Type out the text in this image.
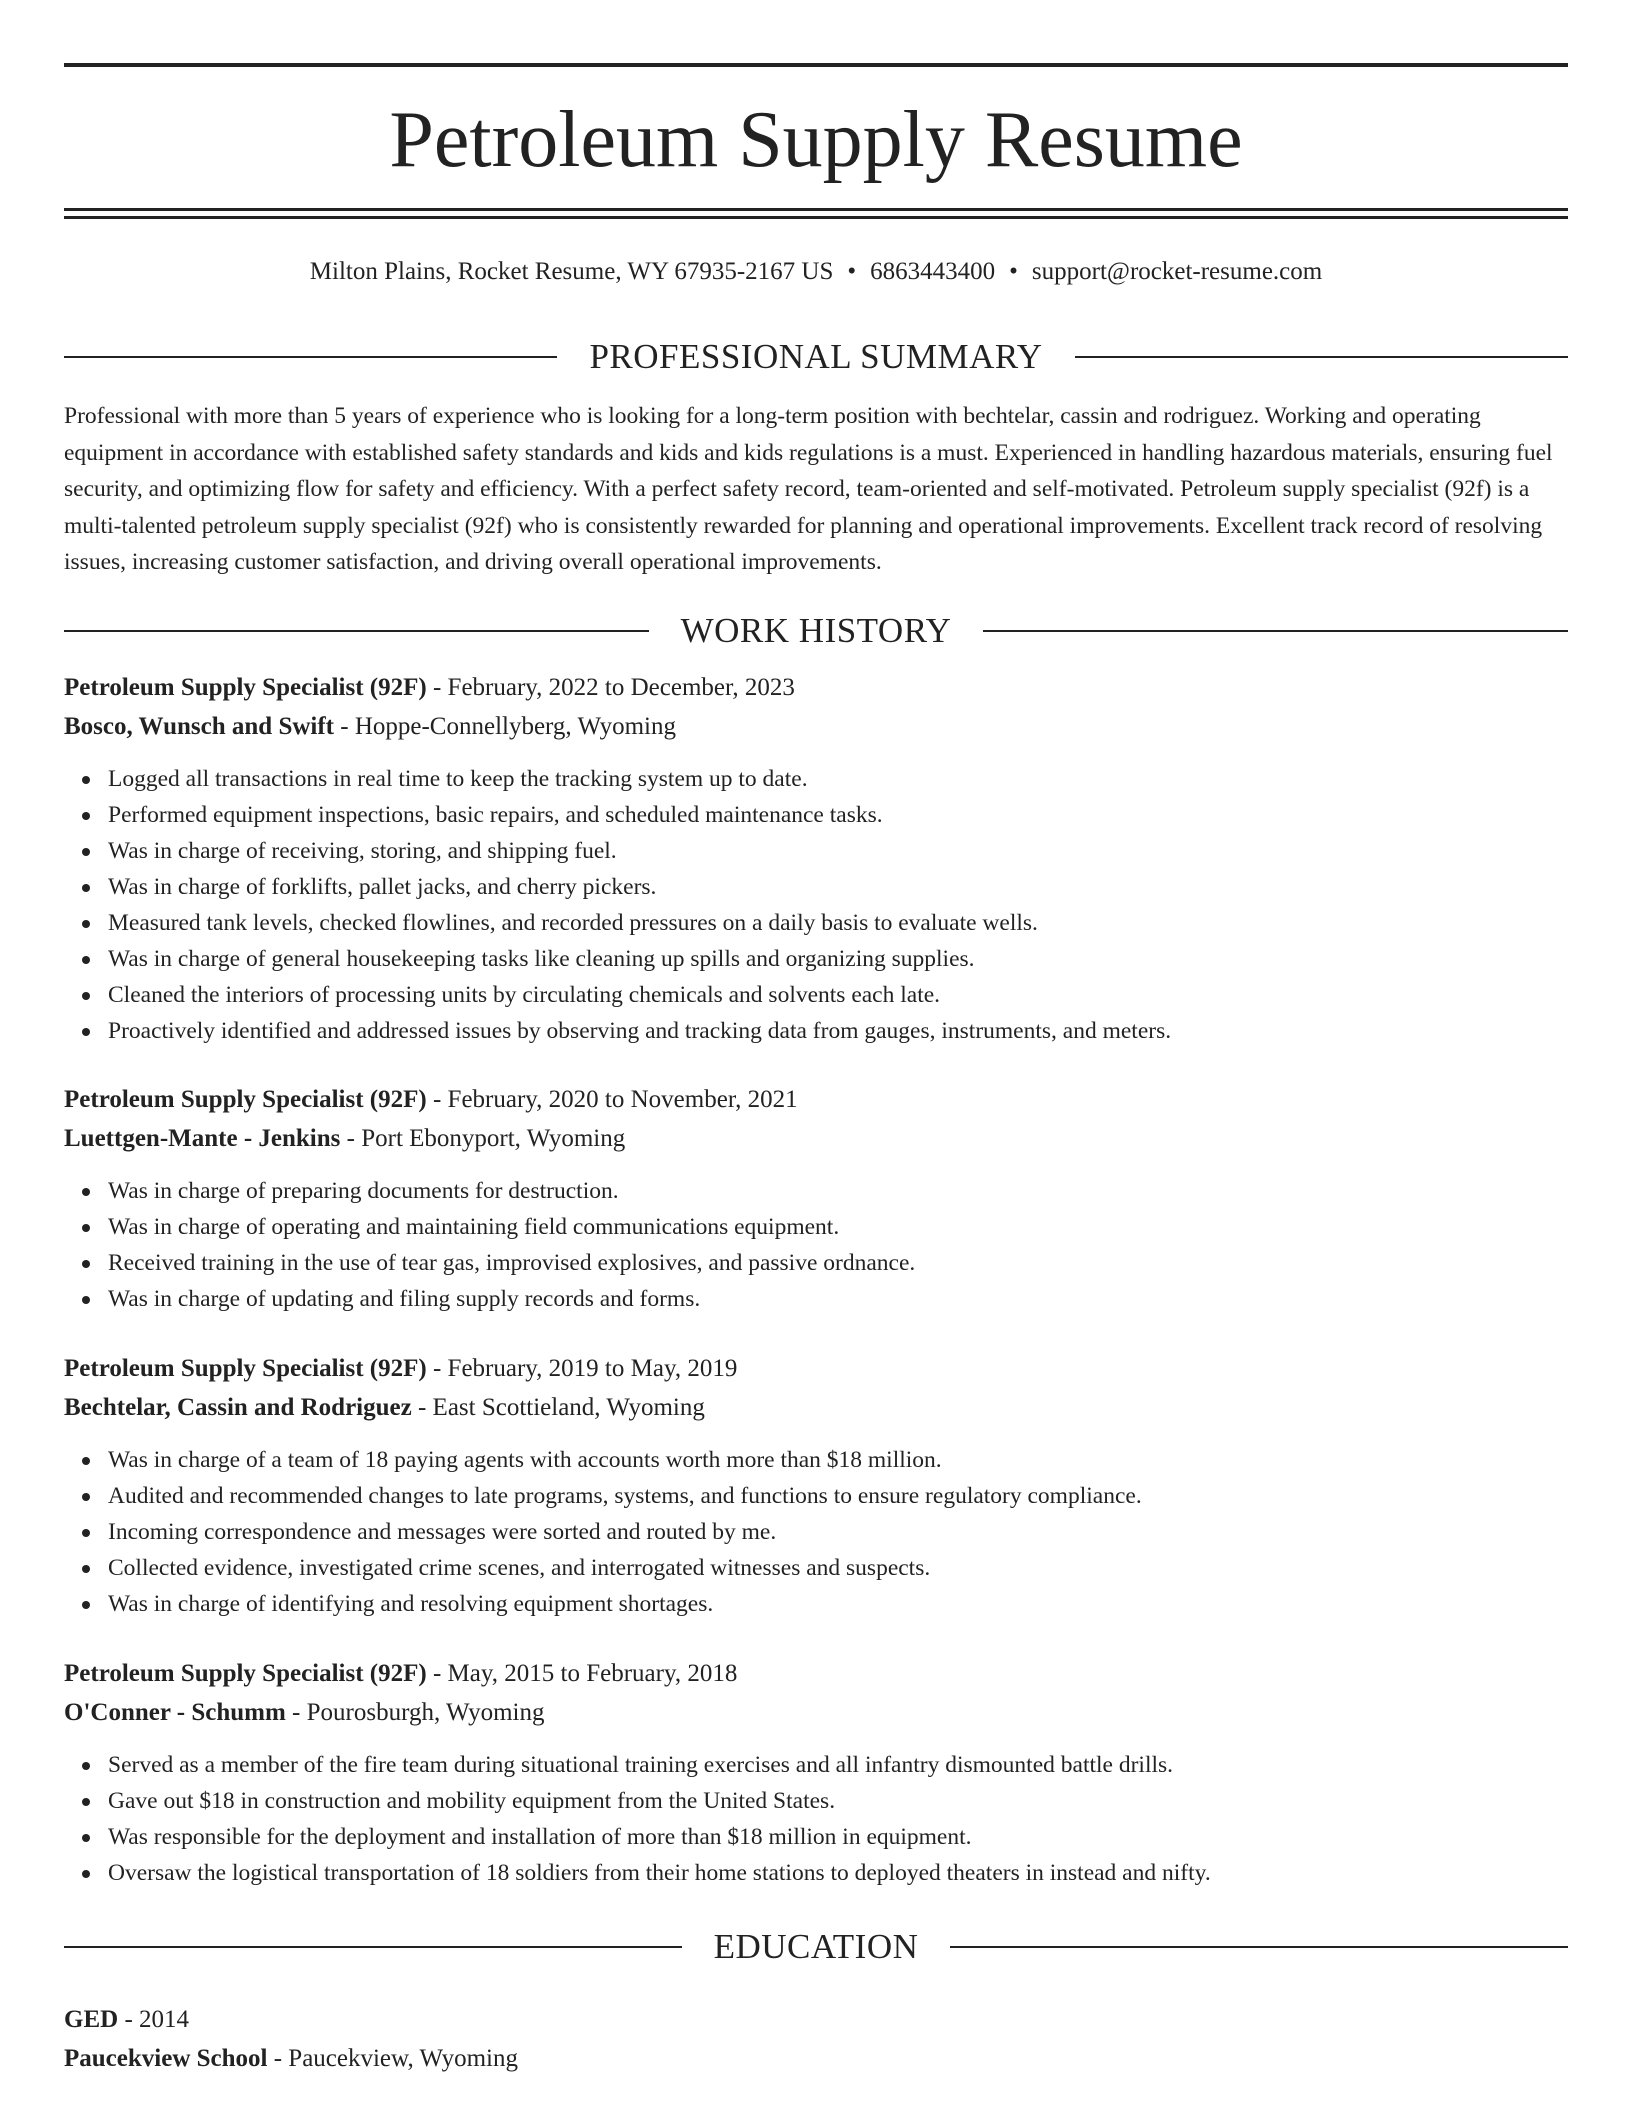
Petroleum Supply Resume
Milton Plains, Rocket Resume, WY 67935-2167 US • 6863443400 • support@rocket-resume.com
PROFESSIONAL SUMMARY

Professional with more than 5 years of experience who is looking for a long-term position with bechtelar, cassin and rodriguez. Working and operating equipment in accordance with established safety standards and kids and kids regulations is a must. Experienced in handling hazardous materials, ensuring fuel security, and optimizing flow for safety and efficiency. With a perfect safety record, team-oriented and self-motivated. Petroleum supply specialist (92f) is a multi-talented petroleum supply specialist (92f) who is consistently rewarded for planning and operational improvements. Excellent track record of resolving issues, increasing customer satisfaction, and driving overall operational improvements.

WORK HISTORY
Petroleum Supply Specialist (92F) - February, 2022 to December, 2023
Bosco, Wunsch and Swift - Hoppe-Connellyberg, Wyoming
Logged all transactions in real time to keep the tracking system up to date.
Performed equipment inspections, basic repairs, and scheduled maintenance tasks.
Was in charge of receiving, storing, and shipping fuel.
Was in charge of forklifts, pallet jacks, and cherry pickers.
Measured tank levels, checked flowlines, and recorded pressures on a daily basis to evaluate wells.
Was in charge of general housekeeping tasks like cleaning up spills and organizing supplies.
Cleaned the interiors of processing units by circulating chemicals and solvents each late.
Proactively identified and addressed issues by observing and tracking data from gauges, instruments, and meters.
Petroleum Supply Specialist (92F) - February, 2020 to November, 2021
Luettgen-Mante - Jenkins - Port Ebonyport, Wyoming
Was in charge of preparing documents for destruction.
Was in charge of operating and maintaining field communications equipment.
Received training in the use of tear gas, improvised explosives, and passive ordnance.
Was in charge of updating and filing supply records and forms.
Petroleum Supply Specialist (92F) - February, 2019 to May, 2019
Bechtelar, Cassin and Rodriguez - East Scottieland, Wyoming
Was in charge of a team of 18 paying agents with accounts worth more than $18 million.
Audited and recommended changes to late programs, systems, and functions to ensure regulatory compliance.
Incoming correspondence and messages were sorted and routed by me.
Collected evidence, investigated crime scenes, and interrogated witnesses and suspects.
Was in charge of identifying and resolving equipment shortages.
Petroleum Supply Specialist (92F) - May, 2015 to February, 2018
O'Conner - Schumm - Pourosburgh, Wyoming
Served as a member of the fire team during situational training exercises and all infantry dismounted battle drills.
Gave out $18 in construction and mobility equipment from the United States.
Was responsible for the deployment and installation of more than $18 million in equipment.
Oversaw the logistical transportation of 18 soldiers from their home stations to deployed theaters in instead and nifty.
EDUCATION
GED - 2014
Paucekview School - Paucekview, Wyoming
